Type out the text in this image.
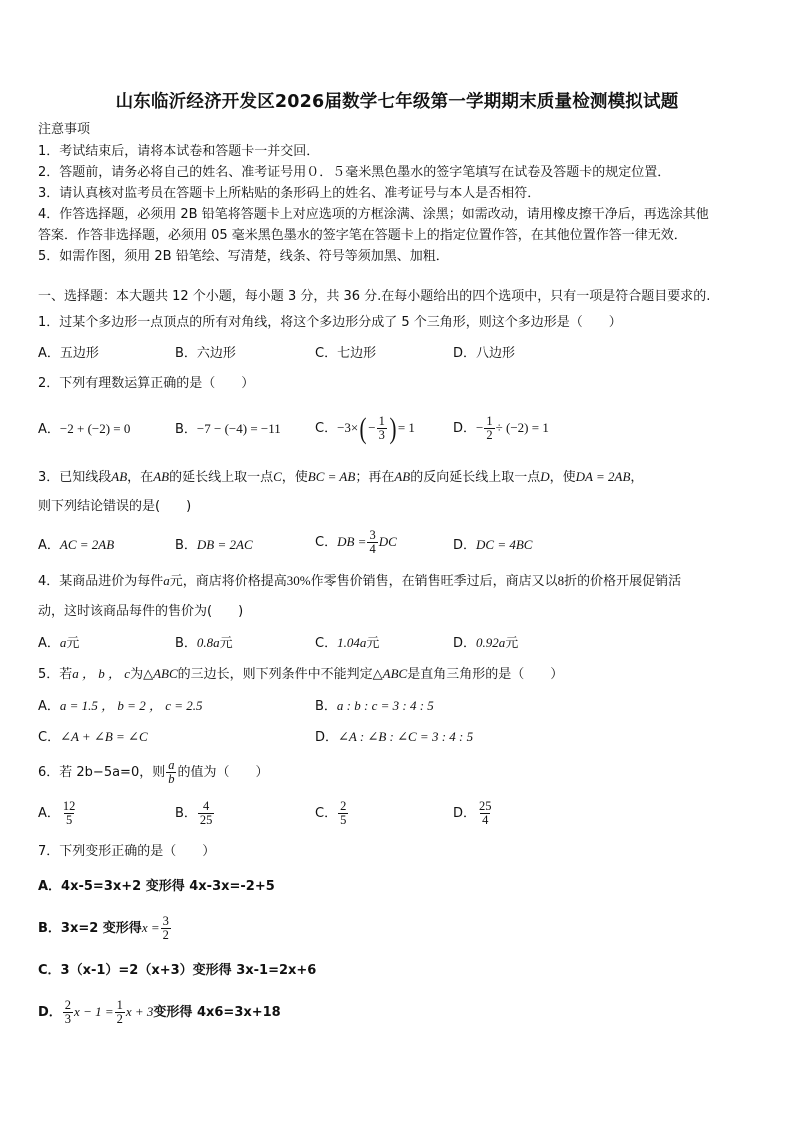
山东临沂经济开发区2026届数学七年级第一学期期末质量检测模拟试题
注意事项
1．考试结束后，请将本试卷和答题卡一并交回．
2．答题前，请务必将自己的姓名、准考证号用０．５毫米黑色墨水的签字笔填写在试卷及答题卡的规定位置．
3．请认真核对监考员在答题卡上所粘贴的条形码上的姓名、准考证号与本人是否相符．
4．作答选择题，必须用 2B 铅笔将答题卡上对应选项的方框涂满、涂黑；如需改动，请用橡皮擦干净后，再选涂其他
答案．作答非选择题，必须用 05 毫米黑色墨水的签字笔在答题卡上的指定位置作答，在其他位置作答一律无效．
5．如需作图，须用 2B 铅笔绘、写清楚，线条、符号等须加黑、加粗．
一、选择题：本大题共 12 个小题，每小题 3 分，共 36 分.在每小题给出的四个选项中，只有一项是符合题目要求的.
1．过某个多边形一点顶点的所有对角线，将这个多边形分成了 5 个三角形，则这个多边形是（　　）
A．五边形	B．六边形	C．七边形	D．八边形
2．下列有理数运算正确的是（　　）
A．−2 + (−2) = 0	B．−7 − (−4) = −11	C．$-3\times( - \frac{1}{3}$ ) = 1	D．− $\frac{1}{2} \div (-2) = 1$
3．已知线段AB，在AB的延长线上取一点C，使BC = AB；再在AB的反向延长线上取一点D，使DA = 2AB，
则下列结论错误的是(　　)
A．AC = 2AB	B．DB = 2AC	C．DB = $\frac{3}{4}$ DC	D．DC = 4BC
4．某商品进价为每件a元，商店将价格提高30%作零售价销售，在销售旺季过后，商店又以8折的价格开展促销活
动，这时该商品每件的售价为(　　)
A．a元	B．0.8a元	C．1.04a元	D．0.92a元
5．若a ， b ， c为△ABC的三边长，则下列条件中不能判定△ABC是直角三角形的是（　　）
A．a = 1.5 ， b = 2 ， c = 2.5	B．a : b : c = 3 : 4 : 5
C．∠A + ∠B = ∠C	D．∠A : ∠B : ∠C = 3 : 4 : 5
6．若 2b−5a=0，则 $\frac{a}{b}$ 的值为（　　）
A． $\frac{12}{5}$	B． $\frac{4}{25}$	C． $\frac{2}{5}$	D． $\frac{25}{4}$
7．下列变形正确的是（　　）
A．4x-5=3x+2 变形得 4x-3x=-2+5
B．3x=2 变形得$x = \frac{3}{2}$
C．3（x-1）=2（x+3）变形得 3x-1=2x+6
D． $\frac{2}{3}$ $x - 1 = \frac{1}{2}$ x + 3变形得 4x6=3x+18
